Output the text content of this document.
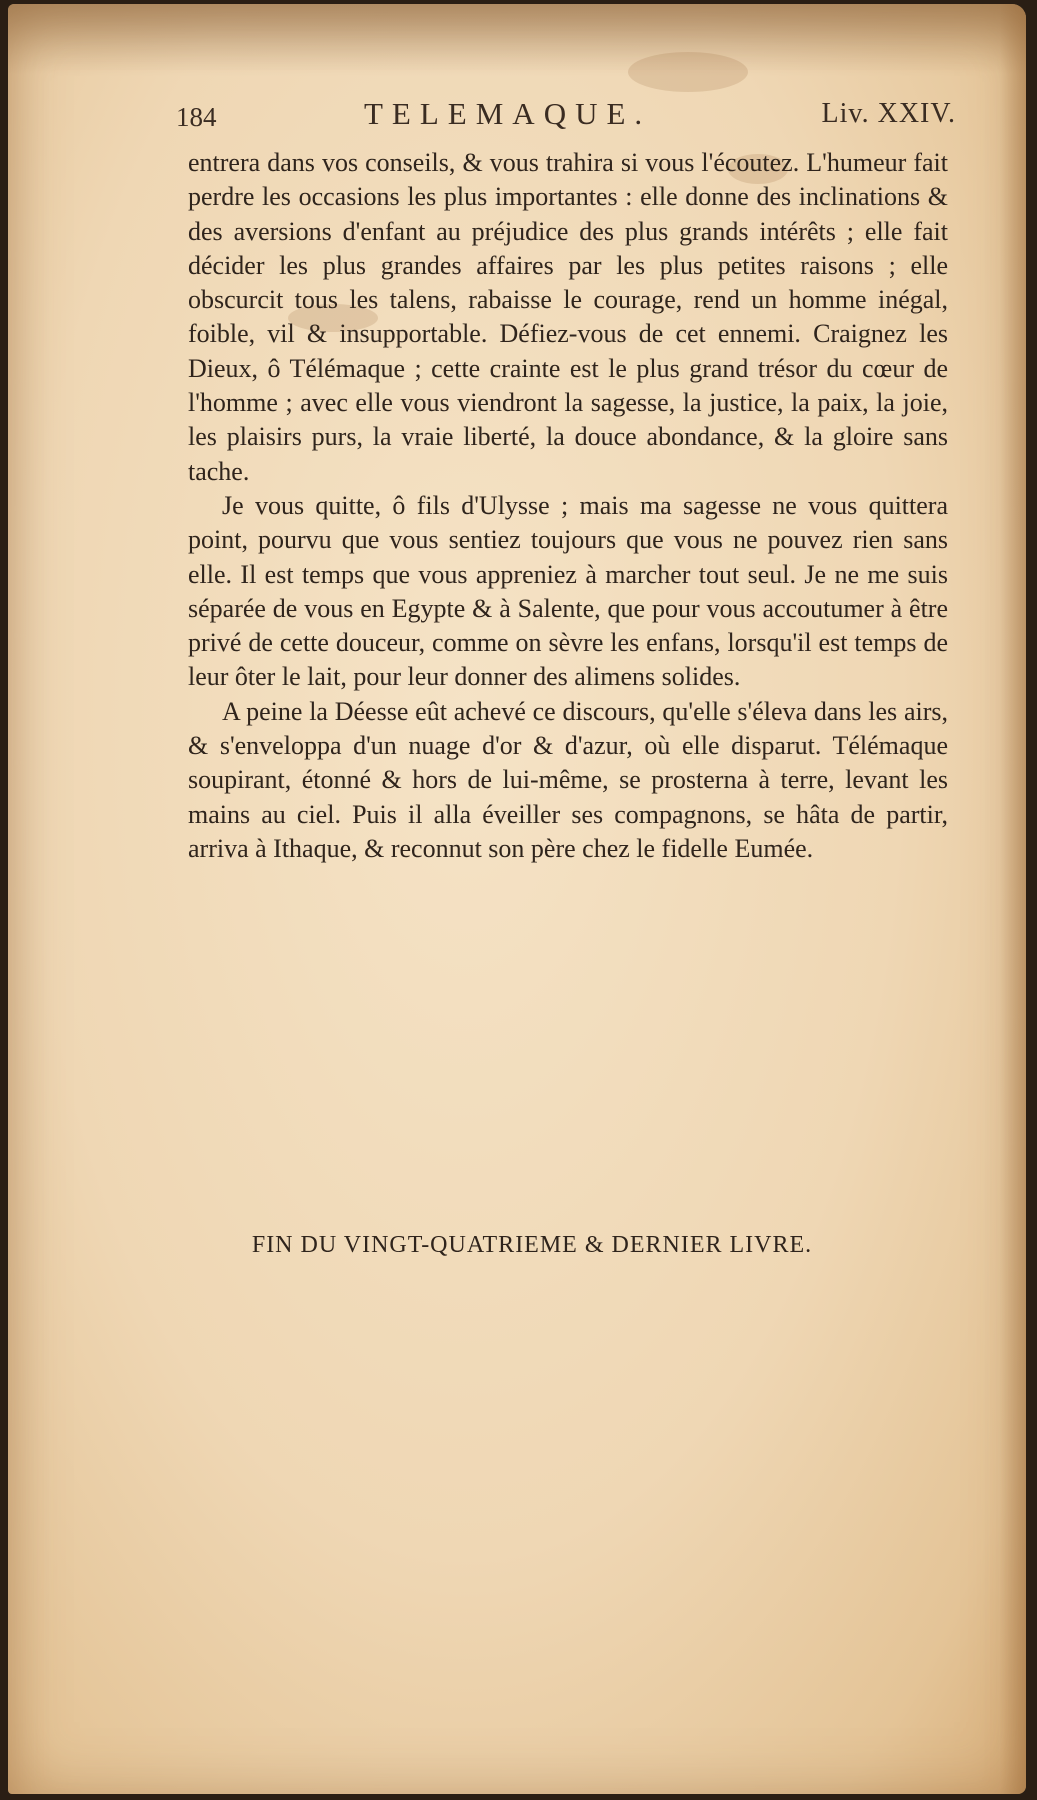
184	TELEMAQUE.	Liv. XXIV.

entrera dans vos conseils, & vous trahira si vous l'écoutez. L'humeur fait perdre les occasions les plus importantes : elle donne des inclinations & des aversions d'enfant au préjudice des plus grands intérêts ; elle fait décider les plus grandes affaires par les plus petites raisons ; elle obscurcit tous les talens, rabaisse le courage, rend un homme inégal, foible, vil & insupportable. Défiez-vous de cet ennemi. Craignez les Dieux, ô Télémaque ; cette crainte est le plus grand trésor du cœur de l'homme ; avec elle vous viendront la sagesse, la justice, la paix, la joie, les plaisirs purs, la vraie liberté, la douce abondance, & la gloire sans tache.

Je vous quitte, ô fils d'Ulysse ; mais ma sagesse ne vous quittera point, pourvu que vous sentiez toujours que vous ne pouvez rien sans elle. Il est temps que vous appreniez à marcher tout seul. Je ne me suis séparée de vous en Egypte & à Salente, que pour vous accoutumer à être privé de cette douceur, comme on sèvre les enfans, lorsqu'il est temps de leur ôter le lait, pour leur donner des alimens solides.

A peine la Déesse eût achevé ce discours, qu'elle s'éleva dans les airs, & s'enveloppa d'un nuage d'or & d'azur, où elle disparut. Télémaque soupirant, étonné & hors de lui-même, se prosterna à terre, levant les mains au ciel. Puis il alla éveiller ses compagnons, se hâta de partir, arriva à Ithaque, & reconnut son père chez le fidelle Eumée.

FIN DU VINGT-QUATRIEME & DERNIER LIVRE.
